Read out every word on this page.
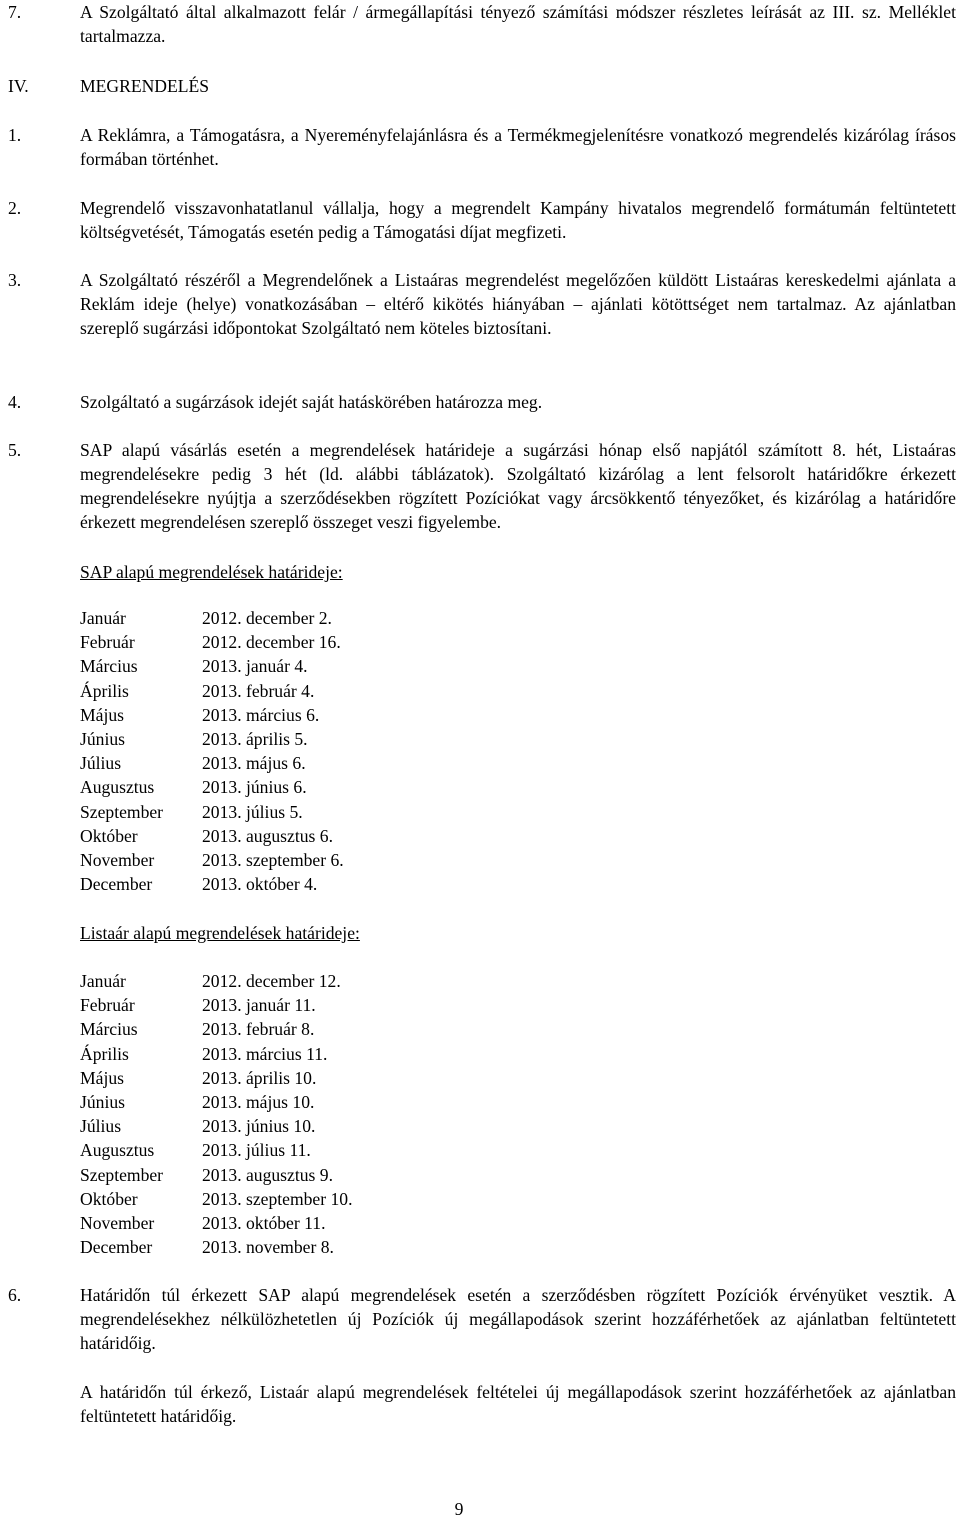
7.	A Szolgáltató által alkalmazott felár / ármegállapítási tényező számítási módszer részletes leírását az III. sz. Melléklet tartalmazza.
IV.	MEGRENDELÉS
1.	A Reklámra, a Támogatásra, a Nyereményfelajánlásra és a Termékmegjelenítésre vonatkozó megrendelés kizárólag írásos formában történhet.
2.	Megrendelő visszavonhatatlanul vállalja, hogy a megrendelt Kampány hivatalos megrendelő formátumán feltüntetett költségvetését, Támogatás esetén pedig a Támogatási díjat megfizeti.
3.	A Szolgáltató részéről a Megrendelőnek a Listaáras megrendelést megelőzően küldött Listaáras kereskedelmi ajánlata a Reklám ideje (helye) vonatkozásában – eltérő kikötés hiányában – ajánlati kötöttséget nem tartalmaz. Az ajánlatban szereplő sugárzási időpontokat Szolgáltató nem köteles biztosítani.
4.	Szolgáltató a sugárzások idejét saját hatáskörében határozza meg.
5.	SAP alapú vásárlás esetén a megrendelések határideje a sugárzási hónap első napjától számított 8. hét, Listaáras megrendelésekre pedig 3 hét (ld. alábbi táblázatok). Szolgáltató kizárólag a lent felsorolt határidőkre érkezett megrendelésekre nyújtja a szerződésekben rögzített Pozíciókat vagy árcsökkentő tényezőket, és kizárólag a határidőre érkezett megrendelésen szereplő összeget veszi figyelembe.
SAP alapú megrendelések határideje:
Január	2012. december 2.
Február	2012. december 16.
Március	2013. január 4.
Április	2013. február 4.
Május	2013. március 6.
Június	2013. április 5.
Július	2013. május 6.
Augusztus	2013. június 6.
Szeptember 2013. július 5.
Október	2013. augusztus 6.
November	2013. szeptember 6.
December	2013. október 4.
Listaár alapú megrendelések határideje:
Január	2012. december 12.
Február	2013. január 11.
Március	2013. február 8.
Április	2013. március 11.
Május	2013. április 10.
Június	2013. május 10.
Július	2013. június 10.
Augusztus	2013. július 11.
Szeptember 2013. augusztus 9.
Október	2013. szeptember 10.
November	2013. október 11.
December	2013. november 8.
6.	Határidőn túl érkezett SAP alapú megrendelések esetén a szerződésben rögzített Pozíciók érvényüket vesztik. A megrendelésekhez nélkülözhetetlen új Pozíciók új megállapodások szerint hozzáférhetőek az ajánlatban feltüntetett határidőig.
A határidőn túl érkező, Listaár alapú megrendelések feltételei új megállapodások szerint hozzáférhetőek az ajánlatban feltüntetett határidőig.
9
